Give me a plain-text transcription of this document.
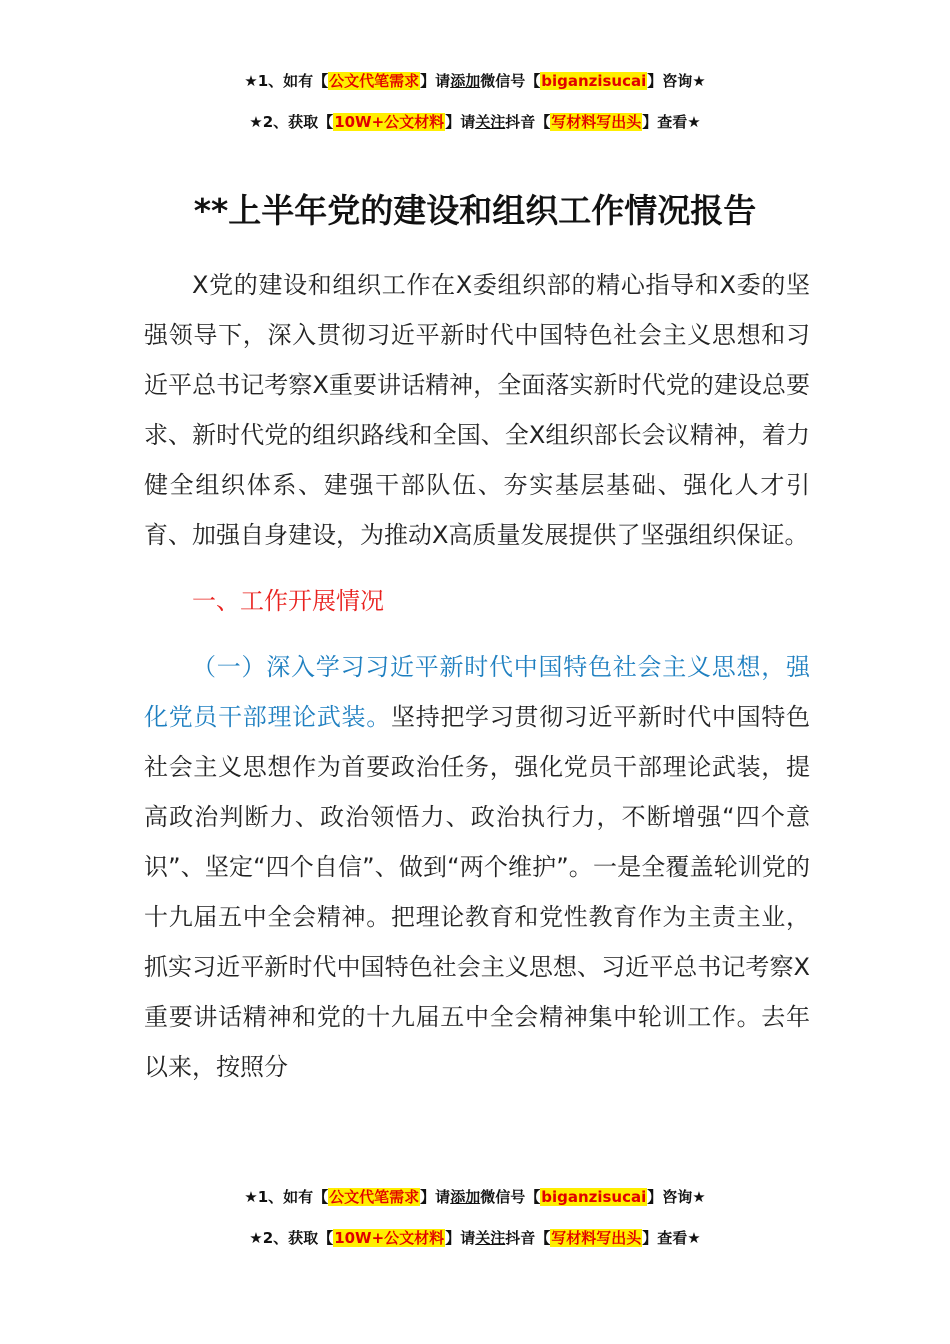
★1、如有【公文代笔需求】请添加微信号【biganzisucai】咨询★
★2、获取【10W+公文材料】请关注抖音【写材料写出头】查看★
**上半年党的建设和组织工作情况报告

X党的建设和组织工作在X委组织部的精心指导和X委的坚强领导下，深入贯彻习近平新时代中国特色社会主义思想和习近平总书记考察X重要讲话精神，全面落实新时代党的建设总要求、新时代党的组织路线和全国、全X组织部长会议精神，着力健全组织体系、建强干部队伍、夯实基层基础、强化人才引育、加强自身建设，为推动X高质量发展提供了坚强组织保证。

一、工作开展情况

（一）深入学习习近平新时代中国特色社会主义思想，强化党员干部理论武装。坚持把学习贯彻习近平新时代中国特色社会主义思想作为首要政治任务，强化党员干部理论武装，提高政治判断力、政治领悟力、政治执行力，不断增强“四个意识”、坚定“四个自信”、做到“两个维护”。一是全覆盖轮训党的十九届五中全会精神。把理论教育和党性教育作为主责主业，抓实习近平新时代中国特色社会主义思想、习近平总书记考察X重要讲话精神和党的十九届五中全会精神集中轮训工作。去年以来，按照分

★1、如有【公文代笔需求】请添加微信号【biganzisucai】咨询★
★2、获取【10W+公文材料】请关注抖音【写材料写出头】查看★
